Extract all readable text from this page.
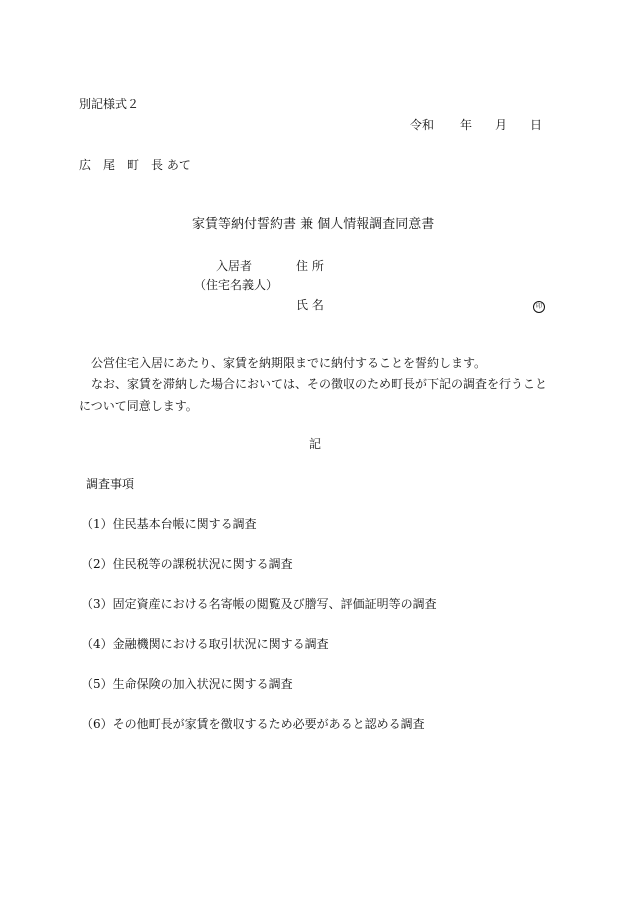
別記様式２
令和 年 月 日
広　尾　町　長 あて
家賃等納付誓約書 兼 個人情報調査同意書
入居者	住 所
（住宅名義人）
氏 名	印
公営住宅入居にあたり、家賃を納期限までに納付することを誓約します。
なお、家賃を滞納した場合においては、その徴収のため町長が下記の調査を行うことについて同意します。
記
調査事項
（1）住民基本台帳に関する調査
（2）住民税等の課税状況に関する調査
（3）固定資産における名寄帳の閲覧及び謄写、評価証明等の調査
（4）金融機関における取引状況に関する調査
（5）生命保険の加入状況に関する調査
（6）その他町長が家賃を徴収するため必要があると認める調査
